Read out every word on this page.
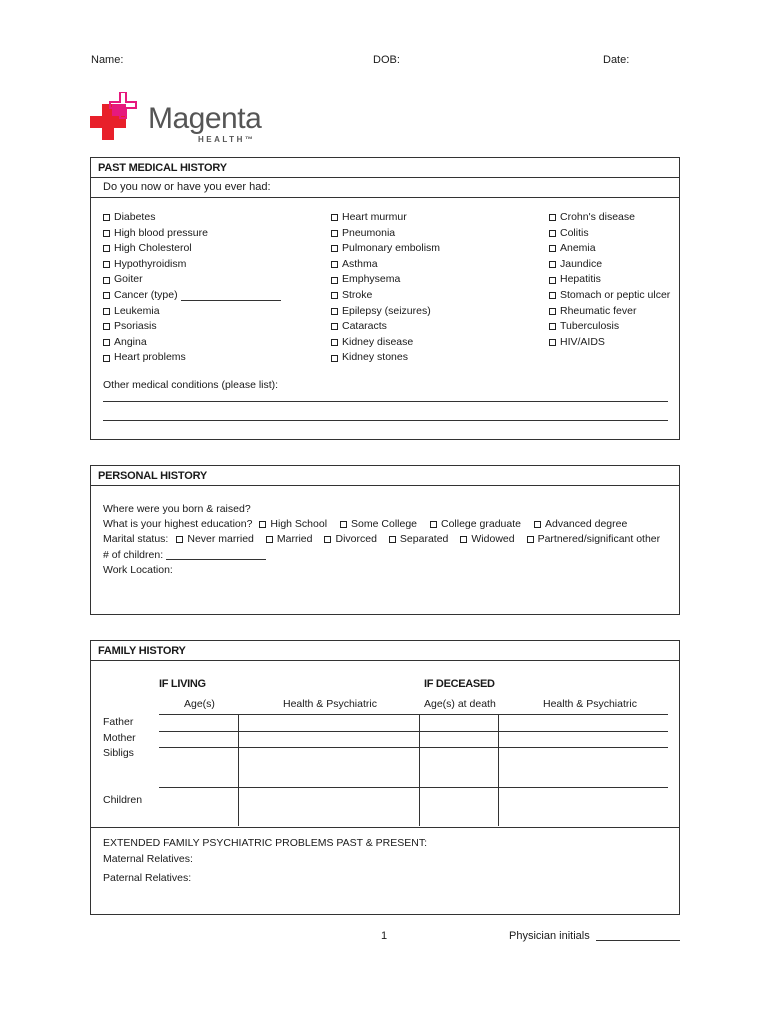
Name:	DOB:	Date:
Magenta
HEALTH™
PAST MEDICAL HISTORY
Do you now or have you ever had:
Diabetes
High blood pressure
High Cholesterol
Hypothyroidism
Goiter
Cancer (type)
Leukemia
Psoriasis
Angina
Heart problems
Heart murmur
Pneumonia
Pulmonary embolism
Asthma
Emphysema
Stroke
Epilepsy (seizures)
Cataracts
Kidney disease
Kidney stones
Crohn's disease
Colitis
Anemia
Jaundice
Hepatitis
Stomach or peptic ulcer
Rheumatic fever
Tuberculosis
HIV/AIDS
Other medical conditions (please list):
PERSONAL HISTORY
Where were you born & raised?
What is your highest education? High School Some College College graduate Advanced degree
Marital status: Never married Married Divorced Separated Widowed Partnered/significant other
# of children:
Work Location:
FAMILY HISTORY
IF LIVING	IF DECEASED
Age(s)	Health & Psychiatric	Age(s) at death	Health & Psychiatric
Father
Mother
Sibligs
Children
EXTENDED FAMILY PSYCHIATRIC PROBLEMS PAST & PRESENT:
Maternal Relatives:
Paternal Relatives:
1	Physician initials
